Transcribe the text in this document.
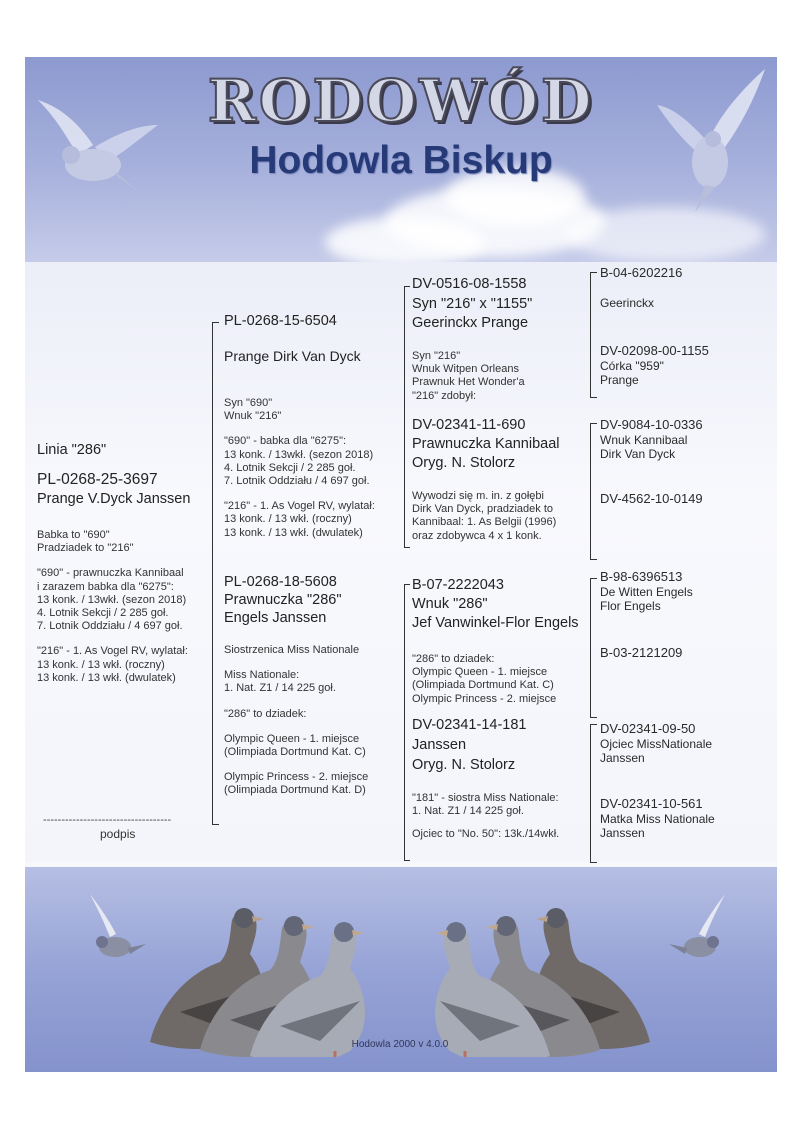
RODOWÓD
Hodowla Biskup
Linia "286"
PL-0268-25-3697
Prange V.Dyck Janssen
Babka to "690"
Pradziadek to "216"
"690" - prawnuczka Kannibaal
i zarazem babka dla "6275":
13 konk. / 13wkł. (sezon 2018)
4. Lotnik Sekcji / 2 285 goł.
7. Lotnik Oddziału / 4 697 goł.
"216" - 1. As Vogel RV, wylatał:
13 konk. / 13 wkł. (roczny)
13 konk. / 13 wkł. (dwulatek)
-----------------------------------
podpis
PL-0268-15-6504
Prange Dirk Van Dyck
Syn "690"
Wnuk "216"
"690" - babka dla "6275":
13 konk. / 13wkł. (sezon 2018)
4. Lotnik Sekcji / 2 285 goł.
7. Lotnik Oddziału / 4 697 goł.
"216" - 1. As Vogel RV, wylatał:
13 konk. / 13 wkł. (roczny)
13 konk. / 13 wkł. (dwulatek)
PL-0268-18-5608
Prawnuczka "286"
Engels Janssen
Siostrzenica Miss Nationale
Miss Nationale:
1. Nat. Z1 / 14 225 goł.
"286" to dziadek:
Olympic Queen - 1. miejsce
(Olimpiada Dortmund Kat. C)
Olympic Princess - 2. miejsce
(Olimpiada Dortmund Kat. D)
DV-0516-08-1558
Syn "216" x "1155"
Geerinckx Prange
Syn "216"
Wnuk Witpen Orleans
Prawnuk Het Wonder'a
"216" zdobył:
DV-02341-11-690
Prawnuczka Kannibaal
Oryg. N. Stolorz
Wywodzi się m. in. z gołębi
Dirk Van Dyck, pradziadek to
Kannibaal: 1. As Belgii (1996)
oraz zdobywca 4 x 1 konk.
B-07-2222043
Wnuk "286"
Jef Vanwinkel-Flor Engels
"286" to dziadek:
Olympic Queen - 1. miejsce
(Olimpiada Dortmund Kat. C)
Olympic Princess - 2. miejsce
DV-02341-14-181
Janssen
Oryg. N. Stolorz
"181" - siostra Miss Nationale:
1. Nat. Z1 / 14 225 goł.
Ojciec to "No. 50": 13k./14wkł.
B-04-6202216
Geerinckx
DV-02098-00-1155
Córka "959"
Prange
DV-9084-10-0336
Wnuk Kannibaal
Dirk Van Dyck
DV-4562-10-0149
B-98-6396513
De Witten Engels
Flor Engels
B-03-2121209
DV-02341-09-50
Ojciec MissNationale
Janssen
DV-02341-10-561
Matka Miss Nationale
Janssen
Hodowla 2000 v 4.0.0
